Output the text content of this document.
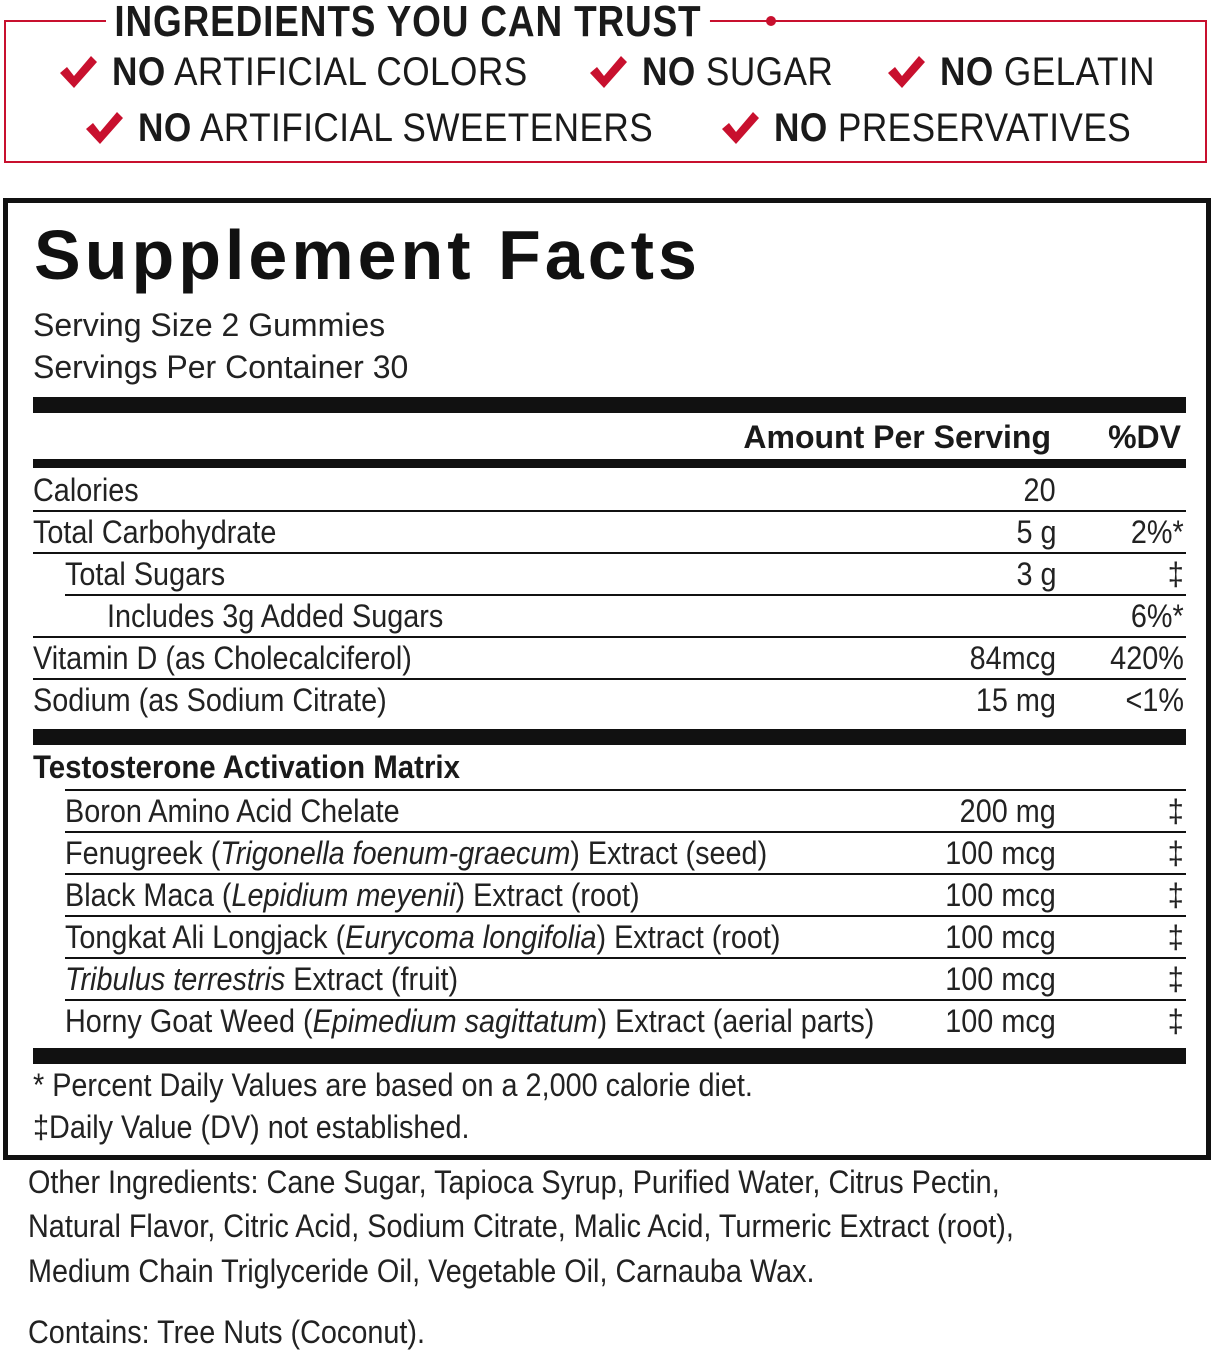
INGREDIENTS YOU CAN TRUST
NO ARTIFICIAL COLORS	NO SUGAR	NO GELATIN
NO ARTIFICIAL SWEETENERS	NO PRESERVATIVES
Supplement Facts
Serving Size 2 Gummies
Servings Per Container 30
Amount Per Serving %DV
Calories	20
Total Carbohydrate	5 g 2%*
Total Sugars	3 g	‡
Includes 3g Added Sugars	6%*
Vitamin D (as Cholecalciferol)	84mcg 420%
Sodium (as Sodium Citrate)	15 mg <1%
Testosterone Activation Matrix
Boron Amino Acid Chelate	200 mg	‡
Fenugreek (Trigonella foenum-graecum) Extract (seed)	100 mcg	‡
Black Maca (Lepidium meyenii) Extract (root)	100 mcg	‡
Tongkat Ali Longjack (Eurycoma longifolia) Extract (root)	100 mcg	‡
Tribulus terrestris Extract (fruit)	100 mcg	‡
Horny Goat Weed (Epimedium sagittatum) Extract (aerial parts) 100 mcg	‡
* Percent Daily Values are based on a 2,000 calorie diet.
‡Daily Value (DV) not established.
Other Ingredients: Cane Sugar, Tapioca Syrup, Purified Water, Citrus Pectin,
Natural Flavor, Citric Acid, Sodium Citrate, Malic Acid, Turmeric Extract (root),
Medium Chain Triglyceride Oil, Vegetable Oil, Carnauba Wax.
Contains: Tree Nuts (Coconut).
